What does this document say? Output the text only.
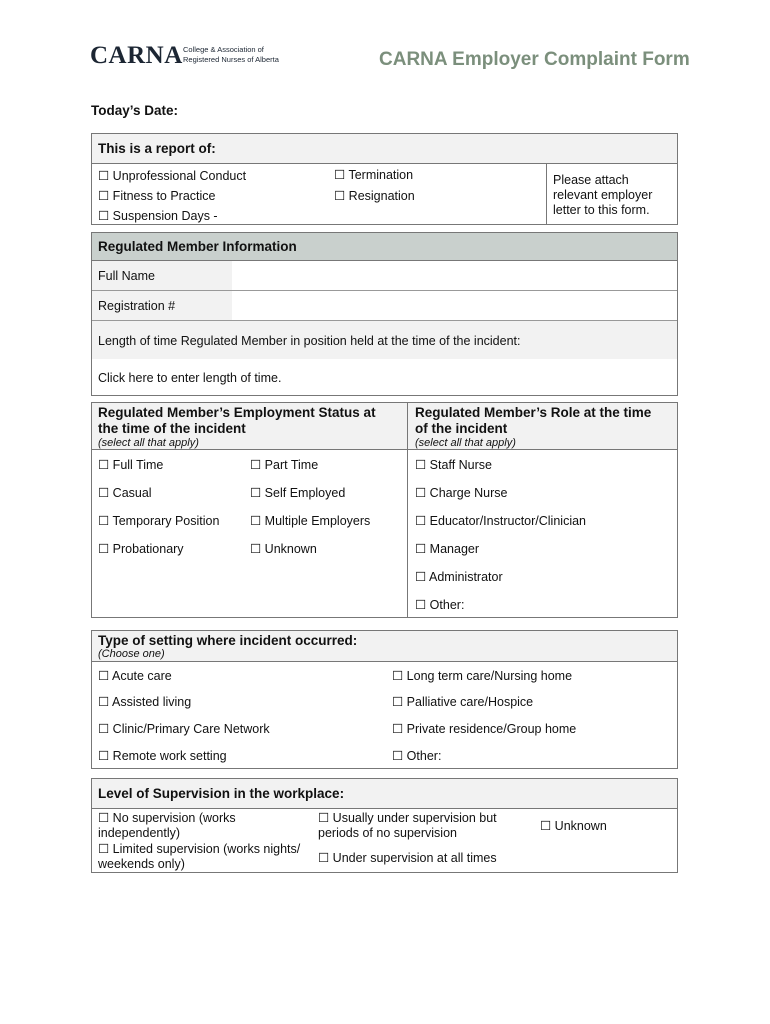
CARNA College & Association of
Registered Nurses of Alberta	CARNA Employer Complaint Form
Today’s Date:
This is a report of:
☐ Unprofessional Conduct
☐ Fitness to Practice
☐ Suspension Days -
☐ Termination
☐ Resignation
Please attach
relevant employer
letter to this form.
Regulated Member Information
Full Name
Registration #
Length of time Regulated Member in position held at the time of the incident:
Click here to enter length of time.
Regulated Member’s Employment Status at
the time of the incident
(select all that apply)
Regulated Member’s Role at the time
of the incident
(select all that apply)
☐ Full Time
☐ Casual
☐ Temporary Position
☐ Probationary
☐ Part Time
☐ Self Employed
☐ Multiple Employers
☐ Unknown
☐ Staff Nurse
☐ Charge Nurse
☐ Educator/Instructor/Clinician
☐ Manager
☐ Administrator
☐ Other:
Type of setting where incident occurred:
(Choose one)
☐ Acute care
☐ Assisted living
☐ Clinic/Primary Care Network
☐ Remote work setting
☐ Long term care/Nursing home
☐ Palliative care/Hospice
☐ Private residence/Group home
☐ Other:
Level of Supervision in the workplace:
☐ No supervision (works
independently)
☐ Limited supervision (works nights/
weekends only)
☐ Usually under supervision but
periods of no supervision
☐ Under supervision at all times
☐ Unknown
